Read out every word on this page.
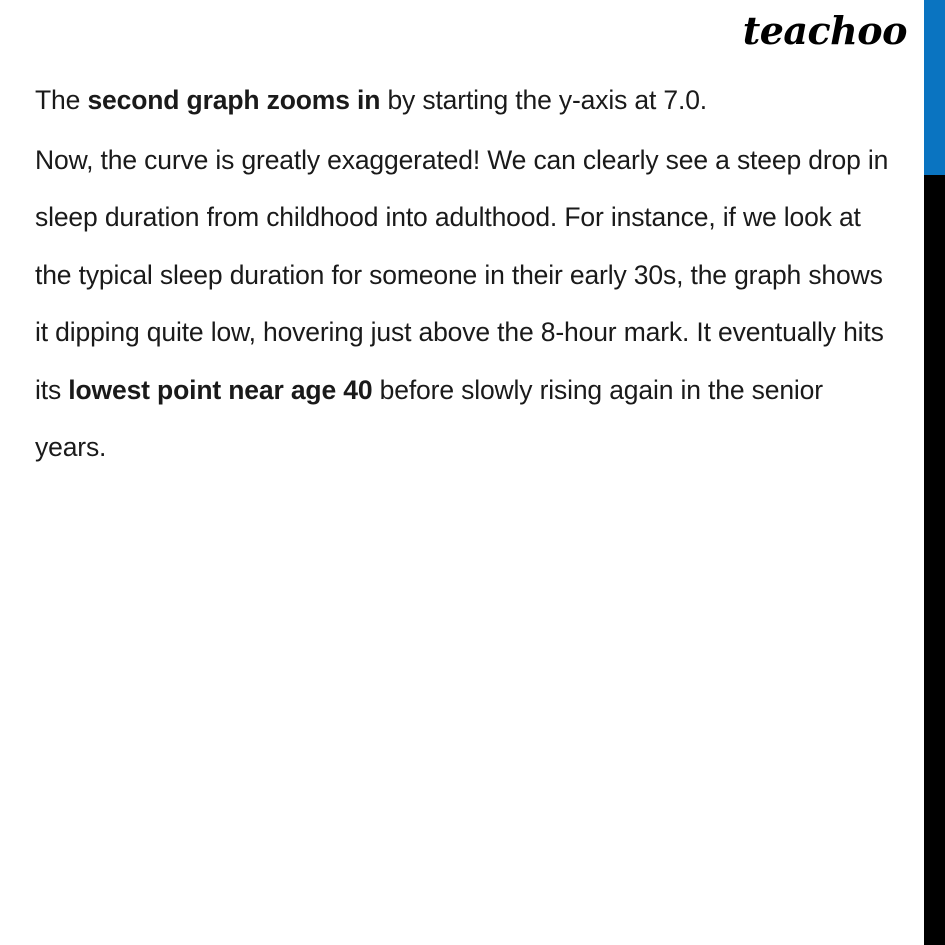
teachoo

The second graph zooms in by starting the y-axis at 7.0.

Now, the curve is greatly exaggerated! We can clearly see a steep drop in sleep duration from childhood into adulthood. For instance, if we look at the typical sleep duration for someone in their early 30s, the graph shows it dipping quite low, hovering just above the 8-hour mark. It eventually hits its lowest point near age 40 before slowly rising again in the senior years.
